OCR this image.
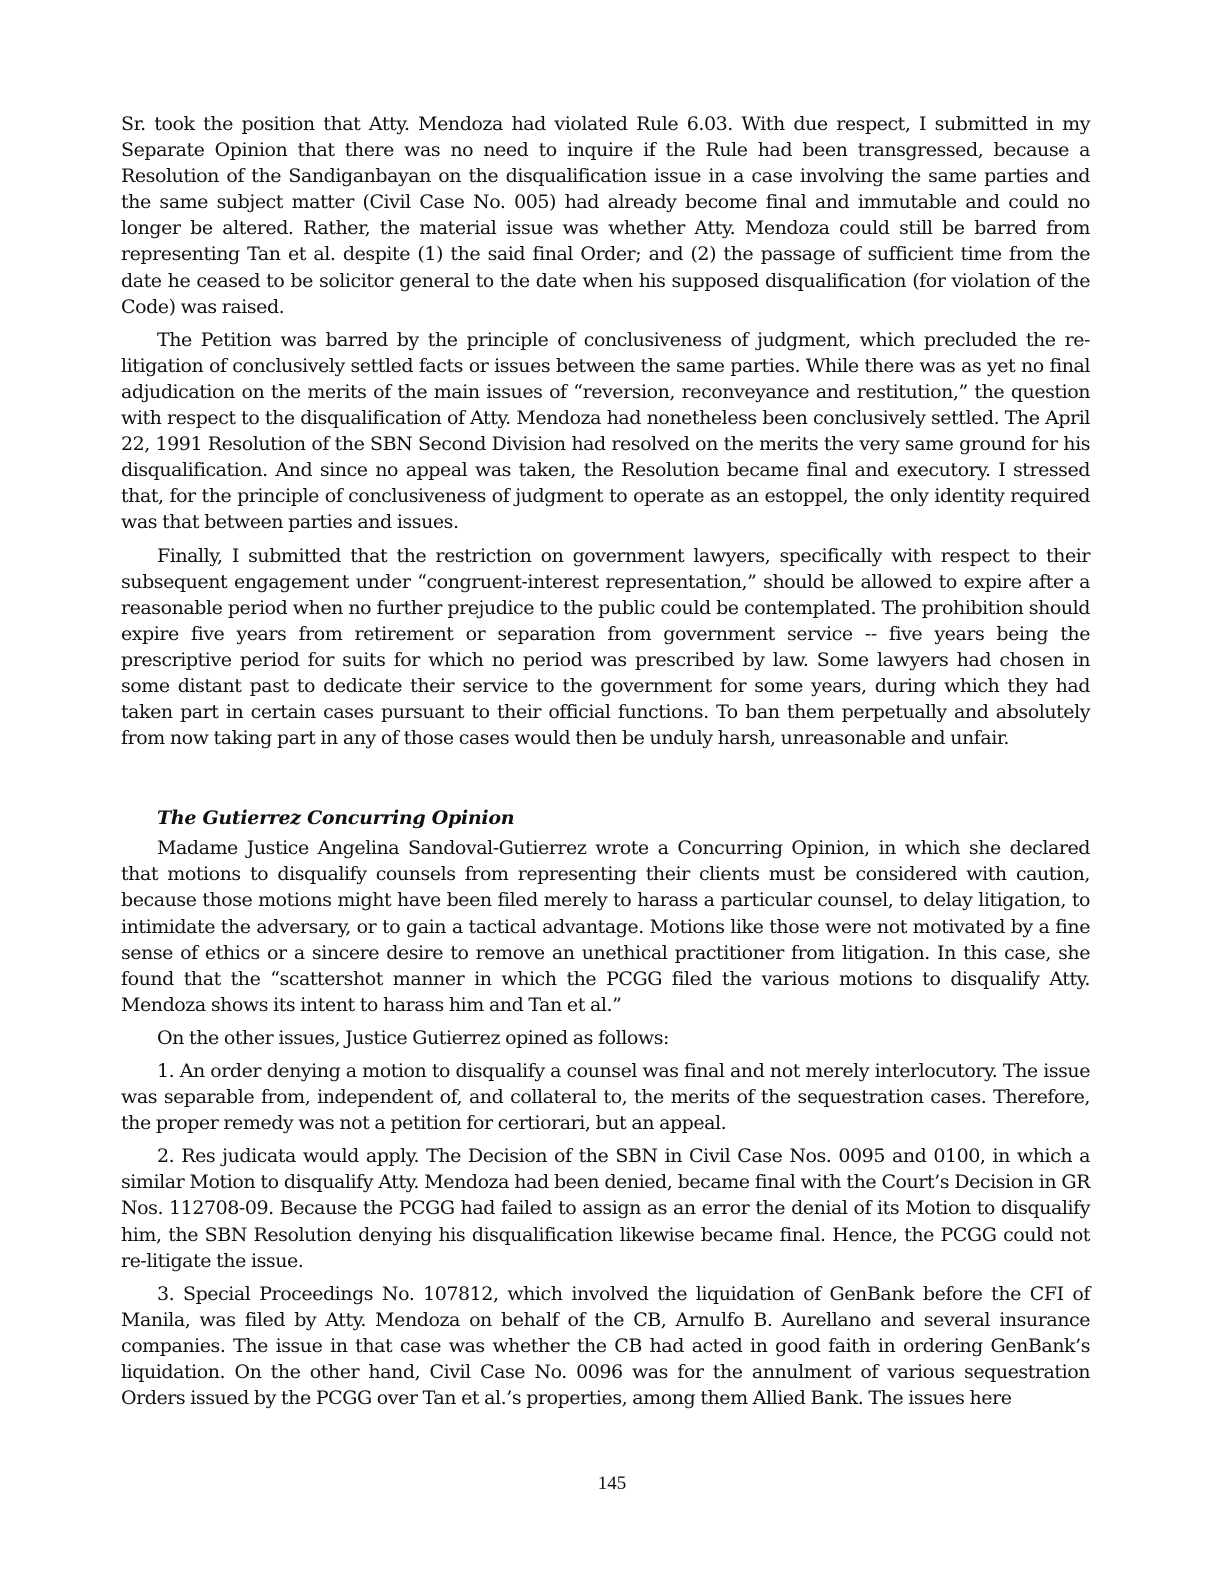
Sr. took the position that Atty. Mendoza had violated Rule 6.03. With due respect, I submitted in my Separate Opinion that there was no need to inquire if the Rule had been transgressed, because a Resolution of the Sandiganbayan on the disqualification issue in a case involving the same parties and the same subject matter (Civil Case No. 005) had already become final and immutable and could no longer be altered. Rather, the material issue was whether Atty. Mendoza could still be barred from representing Tan et al. despite (1) the said final Order; and (2) the passage of sufficient time from the date he ceased to be solicitor general to the date when his supposed disqualification (for violation of the Code) was raised.

The Petition was barred by the principle of conclusiveness of judgment, which precluded the re-litigation of conclusively settled facts or issues between the same parties. While there was as yet no final adjudication on the merits of the main issues of “reversion, reconveyance and restitution,” the question with respect to the disqualification of Atty. Mendoza had nonetheless been conclusively settled. The April 22, 1991 Resolution of the SBN Second Division had resolved on the merits the very same ground for his disqualification. And since no appeal was taken, the Resolution became final and executory. I stressed that, for the principle of conclusiveness of judgment to operate as an estoppel, the only identity required was that between parties and issues.

Finally, I submitted that the restriction on government lawyers, specifically with respect to their subsequent engagement under “congruent-interest representation,” should be allowed to expire after a reasonable period when no further prejudice to the public could be contemplated. The prohibition should expire five years from retirement or separation from government service -- five years being the prescriptive period for suits for which no period was prescribed by law. Some lawyers had chosen in some distant past to dedicate their service to the government for some years, during which they had taken part in certain cases pursuant to their official functions. To ban them perpetually and absolutely from now taking part in any of those cases would then be unduly harsh, unreasonable and unfair.

The Gutierrez Concurring Opinion

Madame Justice Angelina Sandoval-Gutierrez wrote a Concurring Opinion, in which she declared that motions to disqualify counsels from representing their clients must be considered with caution, because those motions might have been filed merely to harass a particular counsel, to delay litigation, to intimidate the adversary, or to gain a tactical advantage. Motions like those were not motivated by a fine sense of ethics or a sincere desire to remove an unethical practitioner from litigation. In this case, she found that the “scattershot manner in which the PCGG filed the various motions to disqualify Atty. Mendoza shows its intent to harass him and Tan et al.”

On the other issues, Justice Gutierrez opined as follows:

1. An order denying a motion to disqualify a counsel was final and not merely interlocutory. The issue was separable from, independent of, and collateral to, the merits of the sequestration cases. Therefore, the proper remedy was not a petition for certiorari, but an appeal.

2. Res judicata would apply. The Decision of the SBN in Civil Case Nos. 0095 and 0100, in which a similar Motion to disqualify Atty. Mendoza had been denied, became final with the Court’s Decision in GR Nos. 112708-09. Because the PCGG had failed to assign as an error the denial of its Motion to disqualify him, the SBN Resolution denying his disqualification likewise became final. Hence, the PCGG could not re-litigate the issue.

3. Special Proceedings No. 107812, which involved the liquidation of GenBank before the CFI of Manila, was filed by Atty. Mendoza on behalf of the CB, Arnulfo B. Aurellano and several insurance companies. The issue in that case was whether the CB had acted in good faith in ordering GenBank’s liquidation. On the other hand, Civil Case No. 0096 was for the annulment of various sequestration Orders issued by the PCGG over Tan et al.’s properties, among them Allied Bank. The issues here

145
